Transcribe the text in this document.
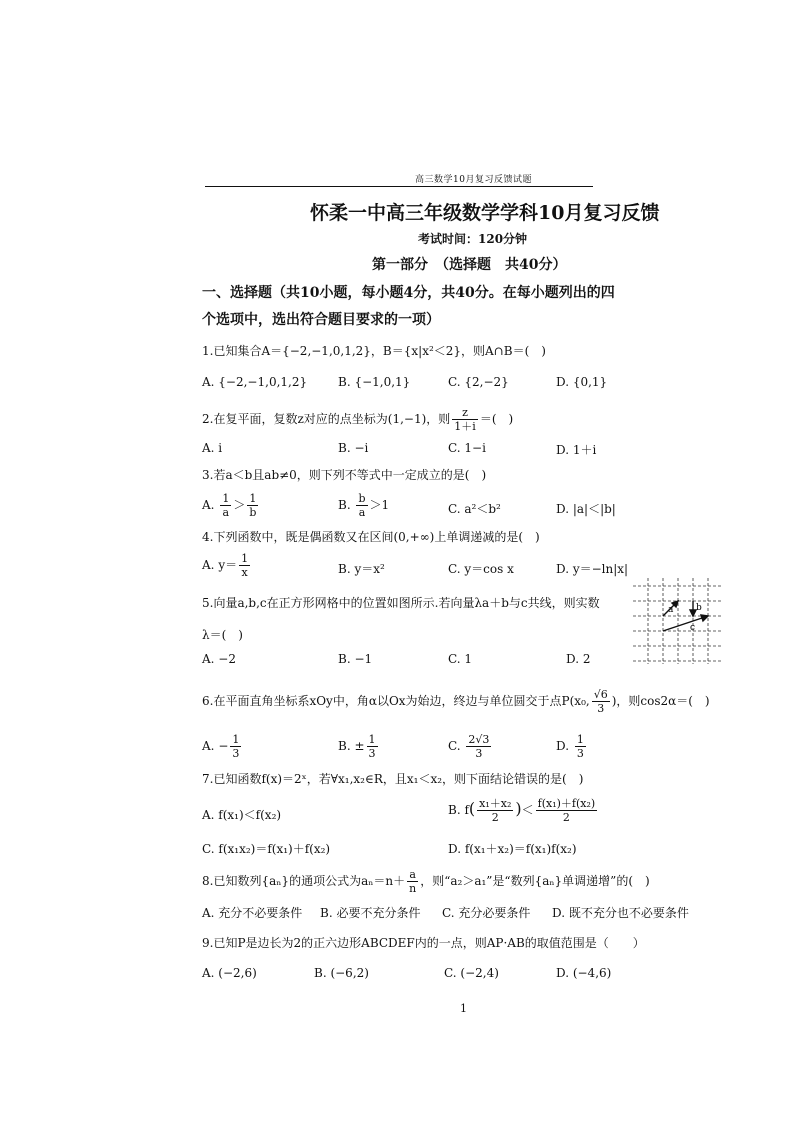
高三数学10月复习反馈试题
怀柔一中高三年级数学学科10月复习反馈
考试时间：120分钟
第一部分　（选择题　共40分）
一、选择题（共10小题，每小题4分，共40分。在每小题列出的四个选项中，选出符合题目要求的一项）
1.已知集合A＝{−2,−1,0,1,2}，B＝{x|x²＜2}，则A∩B＝(　)
A. {−2,−1,0,1,2}	B. {−1,0,1}	C. {2,−2}	D. {0,1}
2.在复平面，复数z对应的点坐标为(1,−1)，则 $\frac{z}{1+i}$ ＝(　)
A. i	B. −i	C. 1−i	D. 1＋i
3.若a＜b且ab≠0，则下列不等式中一定成立的是(　)
A. $\frac{1}{a} > \frac{1}{b}$	B. $\frac{b}{a} >1$	C. a²＜b²	D. |a|＜|b|
4.下列函数中，既是偶函数又在区间(0,+∞)上单调递减的是(　)
A. $y= \frac{1}{x}$	B. y＝x²	C. y＝cos x	D. y＝−ln|x|
5.向量a,b,c在正方形网格中的位置如图所示.若向量λa＋b与c共线，则实数
λ＝(　)
A. −2	B. −1	C. 1	D. 2
a	b
c
6.在平面直角坐标系xOy中，角α以Ox为始边，终边与单位圆交于点P(x₀, $\frac{√6}{3}$ )，则cos2α＝(　)
A. − $\frac{1}{3}$	B. ± $\frac{1}{3}$	C. $\frac{2√3}{3}$	D. $\frac{1}{3}$
7.已知函数f(x)＝2ˣ，若∀x₁,x₂∈R，且x₁＜x₂，则下面结论错误的是(　)
A. f(x₁)＜f(x₂)	B. $f( \frac{\text{x₁＋x₂}}{2}$ )＜ $\frac{\text{f(x₁)＋f(x₂)}}{2}$
C. f(x₁x₂)＝f(x₁)＋f(x₂)	D. f(x₁＋x₂)＝f(x₁)f(x₂)
8.已知数列{aₙ}的通项公式为$a_n=n+ \frac{a}{n}$ ，则“a₂＞a₁”是“数列{aₙ}单调递增”的(　)
A. 充分不必要条件 B. 必要不充分条件 C. 充分必要条件 D. 既不充分也不必要条件
9.已知P是边长为2的正六边形ABCDEF内的一点，则AP·AB的取值范围是（　　）
A. (−2,6)	B. (−6,2)	C. (−2,4)	D. (−4,6)
1
